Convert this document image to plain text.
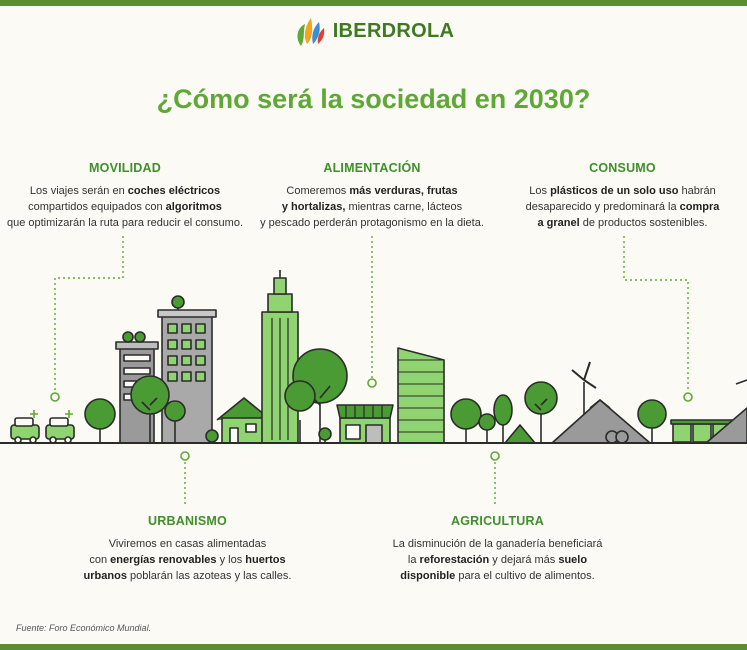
IBERDROLA
¿Cómo será la sociedad en 2030?
MOVILIDAD
Los viajes serán en coches eléctricos
compartidos equipados con algoritmos
que optimizarán la ruta para reducir el consumo.
ALIMENTACIÓN
Comeremos más verduras, frutas
y hortalizas, mientras carne, lácteos
y pescado perderán protagonismo en la dieta.
CONSUMO
Los plásticos de un solo uso habrán
desaparecido y predominará la compra
a granel de productos sostenibles.
URBANISMO
Viviremos en casas alimentadas
con energías renovables y los huertos
urbanos poblarán las azoteas y las calles.
AGRICULTURA
La disminución de la ganadería beneficiará
la reforestación y dejará más suelo
disponible para el cultivo de alimentos.
Fuente: Foro Económico Mundial.
